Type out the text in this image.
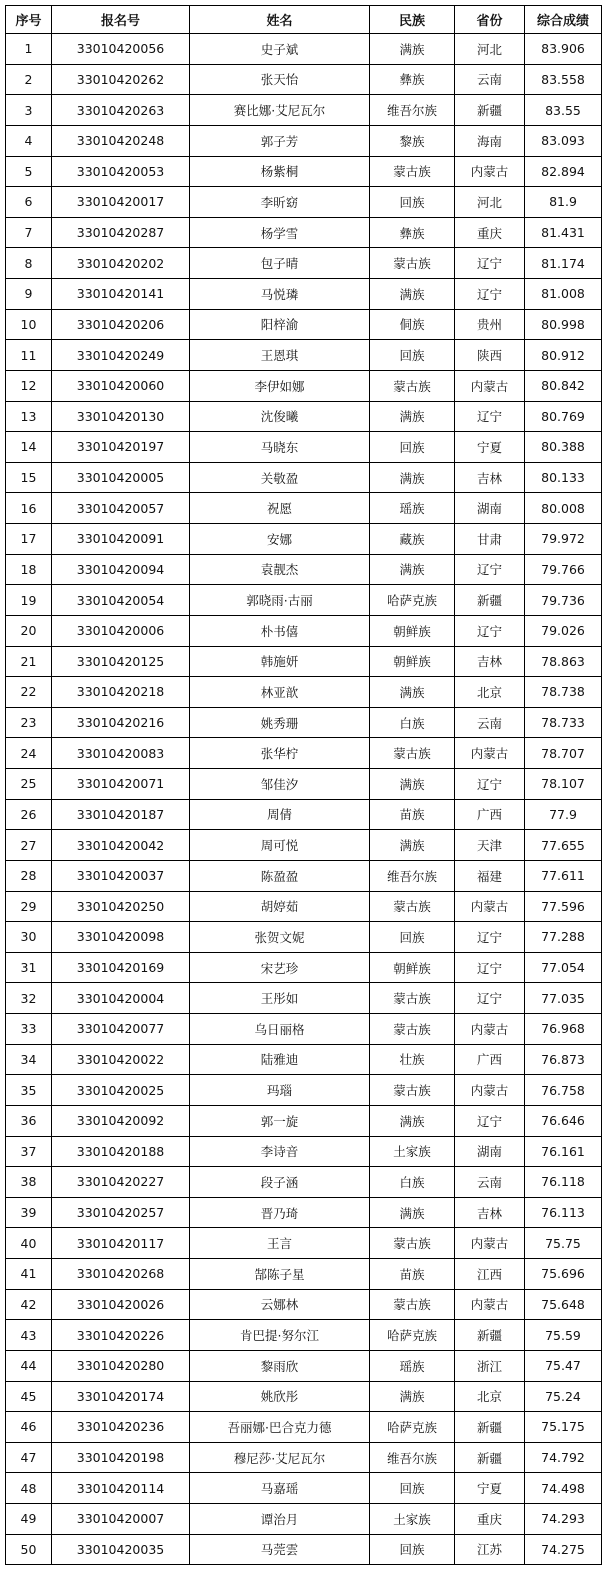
序号	报名号	姓名	民族	省份	综合成绩
1	33010420056	史子斌	满族	河北	83.906
2	33010420262	张天怡	彝族	云南	83.558
3	33010420263	赛比娜·艾尼瓦尔	维吾尔族	新疆	83.55
4	33010420248	郭子芳	黎族	海南	83.093
5	33010420053	杨紫桐	蒙古族	内蒙古	82.894
6	33010420017	李昕窈	回族	河北	81.9
7	33010420287	杨学雪	彝族	重庆	81.431
8	33010420202	包子晴	蒙古族	辽宁	81.174
9	33010420141	马悦璘	满族	辽宁	81.008
10	33010420206	阳梓渝	侗族	贵州	80.998
11	33010420249	王恩琪	回族	陕西	80.912
12	33010420060	李伊如娜	蒙古族	内蒙古	80.842
13	33010420130	沈俊曦	满族	辽宁	80.769
14	33010420197	马晓东	回族	宁夏	80.388
15	33010420005	关敬盈	满族	吉林	80.133
16	33010420057	祝愿	瑶族	湖南	80.008
17	33010420091	安娜	藏族	甘肃	79.972
18	33010420094	袁靓杰	满族	辽宁	79.766
19	33010420054	郭晓雨·古丽	哈萨克族	新疆	79.736
20	33010420006	朴书僖	朝鲜族	辽宁	79.026
21	33010420125	韩施妍	朝鲜族	吉林	78.863
22	33010420218	林亚歆	满族	北京	78.738
23	33010420216	姚秀珊	白族	云南	78.733
24	33010420083	张华柠	蒙古族	内蒙古	78.707
25	33010420071	邹佳汐	满族	辽宁	78.107
26	33010420187	周倩	苗族	广西	77.9
27	33010420042	周可悦	满族	天津	77.655
28	33010420037	陈盈盈	维吾尔族	福建	77.611
29	33010420250	胡婷茹	蒙古族	内蒙古	77.596
30	33010420098	张贺文妮	回族	辽宁	77.288
31	33010420169	宋艺珍	朝鲜族	辽宁	77.054
32	33010420004	王彤如	蒙古族	辽宁	77.035
33	33010420077	乌日丽格	蒙古族	内蒙古	76.968
34	33010420022	陆雅迪	壮族	广西	76.873
35	33010420025	玛瑙	蒙古族	内蒙古	76.758
36	33010420092	郭一旋	满族	辽宁	76.646
37	33010420188	李诗音	土家族	湖南	76.161
38	33010420227	段子涵	白族	云南	76.118
39	33010420257	晋乃琦	满族	吉林	76.113
40	33010420117	王言	蒙古族	内蒙古	75.75
41	33010420268	郜陈子星	苗族	江西	75.696
42	33010420026	云娜林	蒙古族	内蒙古	75.648
43	33010420226	肯巴提·努尔江	哈萨克族	新疆	75.59
44	33010420280	黎雨欣	瑶族	浙江	75.47
45	33010420174	姚欣彤	满族	北京	75.24
46	33010420236	吾丽娜·巴合克力德	哈萨克族	新疆	75.175
47	33010420198	穆尼莎·艾尼瓦尔	维吾尔族	新疆	74.792
48	33010420114	马嘉瑶	回族	宁夏	74.498
49	33010420007	谭治月	土家族	重庆	74.293
50	33010420035	马莞雲	回族	江苏	74.275
